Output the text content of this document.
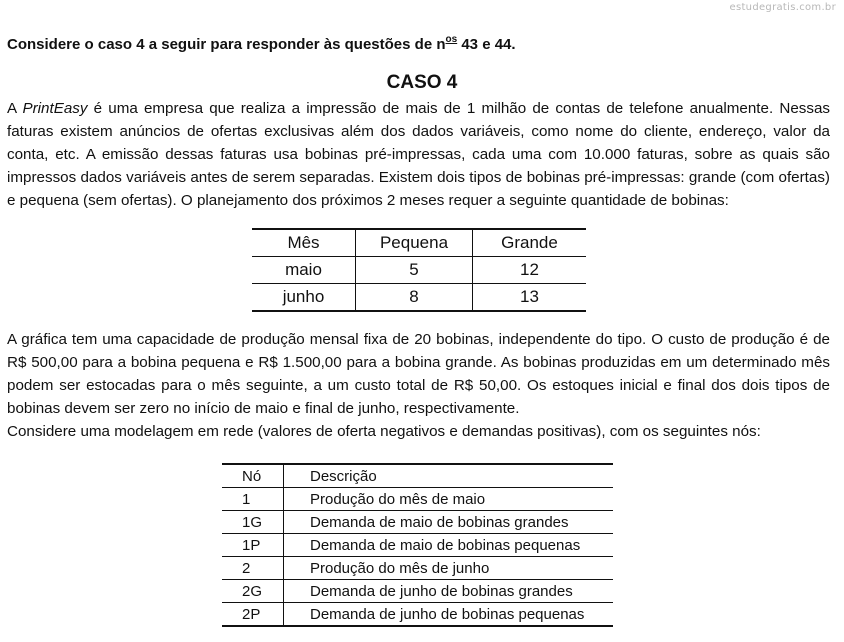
estudegratis.com.br
Considere o caso 4 a seguir para responder às questões de $n^{os}$ 43 e 44.
CASO 4
A PrintEasy é uma empresa que realiza a impressão de mais de 1 milhão de contas de telefone anualmente. Nessas faturas existem anúncios de ofertas exclusivas além dos dados variáveis, como nome do cliente, endereço, valor da conta, etc. A emissão dessas faturas usa bobinas pré-impressas, cada uma com 10.000 faturas, sobre as quais são impressos dados variáveis antes de serem separadas. Existem dois tipos de bobinas pré-impressas: grande (com ofertas) e pequena (sem ofertas). O planejamento dos próximos 2 meses requer a seguinte quantidade de bobinas:
Mês	Pequena	Grande
maio	5	12
junho	8	13
A gráfica tem uma capacidade de produção mensal fixa de 20 bobinas, independente do tipo. O custo de produção é de R$ 500,00 para a bobina pequena e R$ 1.500,00 para a bobina grande. As bobinas produzidas em um determinado mês podem ser estocadas para o mês seguinte, a um custo total de R$ 50,00. Os estoques inicial e final dos dois tipos de bobinas devem ser zero no início de maio e final de junho, respectivamente.
Considere uma modelagem em rede (valores de oferta negativos e demandas positivas), com os seguintes nós:
Nó	Descrição
1	Produção do mês de maio
1G	Demanda de maio de bobinas grandes
1P	Demanda de maio de bobinas pequenas
2	Produção do mês de junho
2G	Demanda de junho de bobinas grandes
2P	Demanda de junho de bobinas pequenas
